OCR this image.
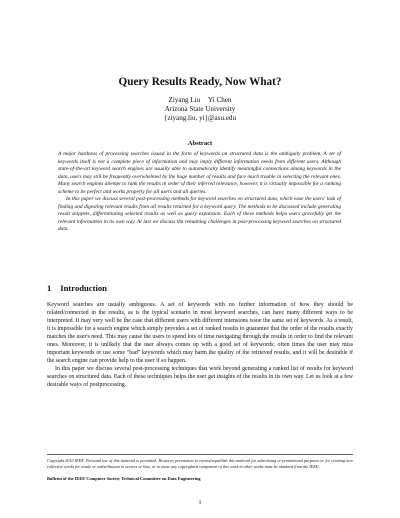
Query Results Ready, Now What?
Ziyang Liu Yi Chen
Arizona State University
{ziyang.liu, yi}@asu.edu
Abstract

A major hardness of processing searches issued in the form of keywords on structured data is the ambiguity problem. A set of keywords itself is not a complete piece of information and may imply different information needs from different users. Although state-of-the-art keyword search engines are usually able to automatically identify meaningful connections among keywords in the data, users may still be frequently overwhelmed by the huge number of results and face much trouble in selecting the relevant ones. Many search engines attempt to rank the results in order of their inferred relevance, however, it is virtually impossible for a ranking scheme to be perfect and works properly for all users and all queries.

In this paper we discuss several post-processing methods for keyword searches on structured data, which ease the users' task of finding and digesting relevant results from all results returned for a keyword query. The methods to be discussed include generating result snippets, differentiating selected results as well as query expansion. Each of these methods helps users gracefully get the relevant information in its own way. At last we discuss the remaining challenges in post-processing keyword searches on structured data.

1 Introduction

Keyword searches are usually ambiguous. A set of keywords with no further information of how they should be related/connected in the results, as is the typical scenario in most keyword searches, can have many different ways to be interpreted. It may very well be the case that different users with different intensions issue the same set of keywords. As a result, it is impossible for a search engine which simply provides a set of ranked results to guarantee that the order of the results exactly matches the user's need. This may cause the users to spend lots of time navigating through the results in order to find the relevant ones. Moreover, it is unlikely that the user always comes up with a good set of keywords; often times the user may miss important keywords or use some "bad" keywords which may harm the quality of the retrieved results, and it will be desirable if the search engine can provide help to the user if so happen.

In this paper we discuss several post-processing techniques that work beyond generating a ranked list of results for keyword searches on structured data. Each of these techniques helps the user get insights of the results in its own way. Let us look at a few desirable ways of postprocessing.

Copyright 2010 IEEE. Personal use of this material is permitted. However, permission to reprint/republish this material for advertising or promotional purposes or for creating new collective works for resale or redistribution to servers or lists, or to reuse any copyrighted component of this work in other works must be obtained from the IEEE.
Bulletin of the IEEE Computer Society Technical Committee on Data Engineering
1
